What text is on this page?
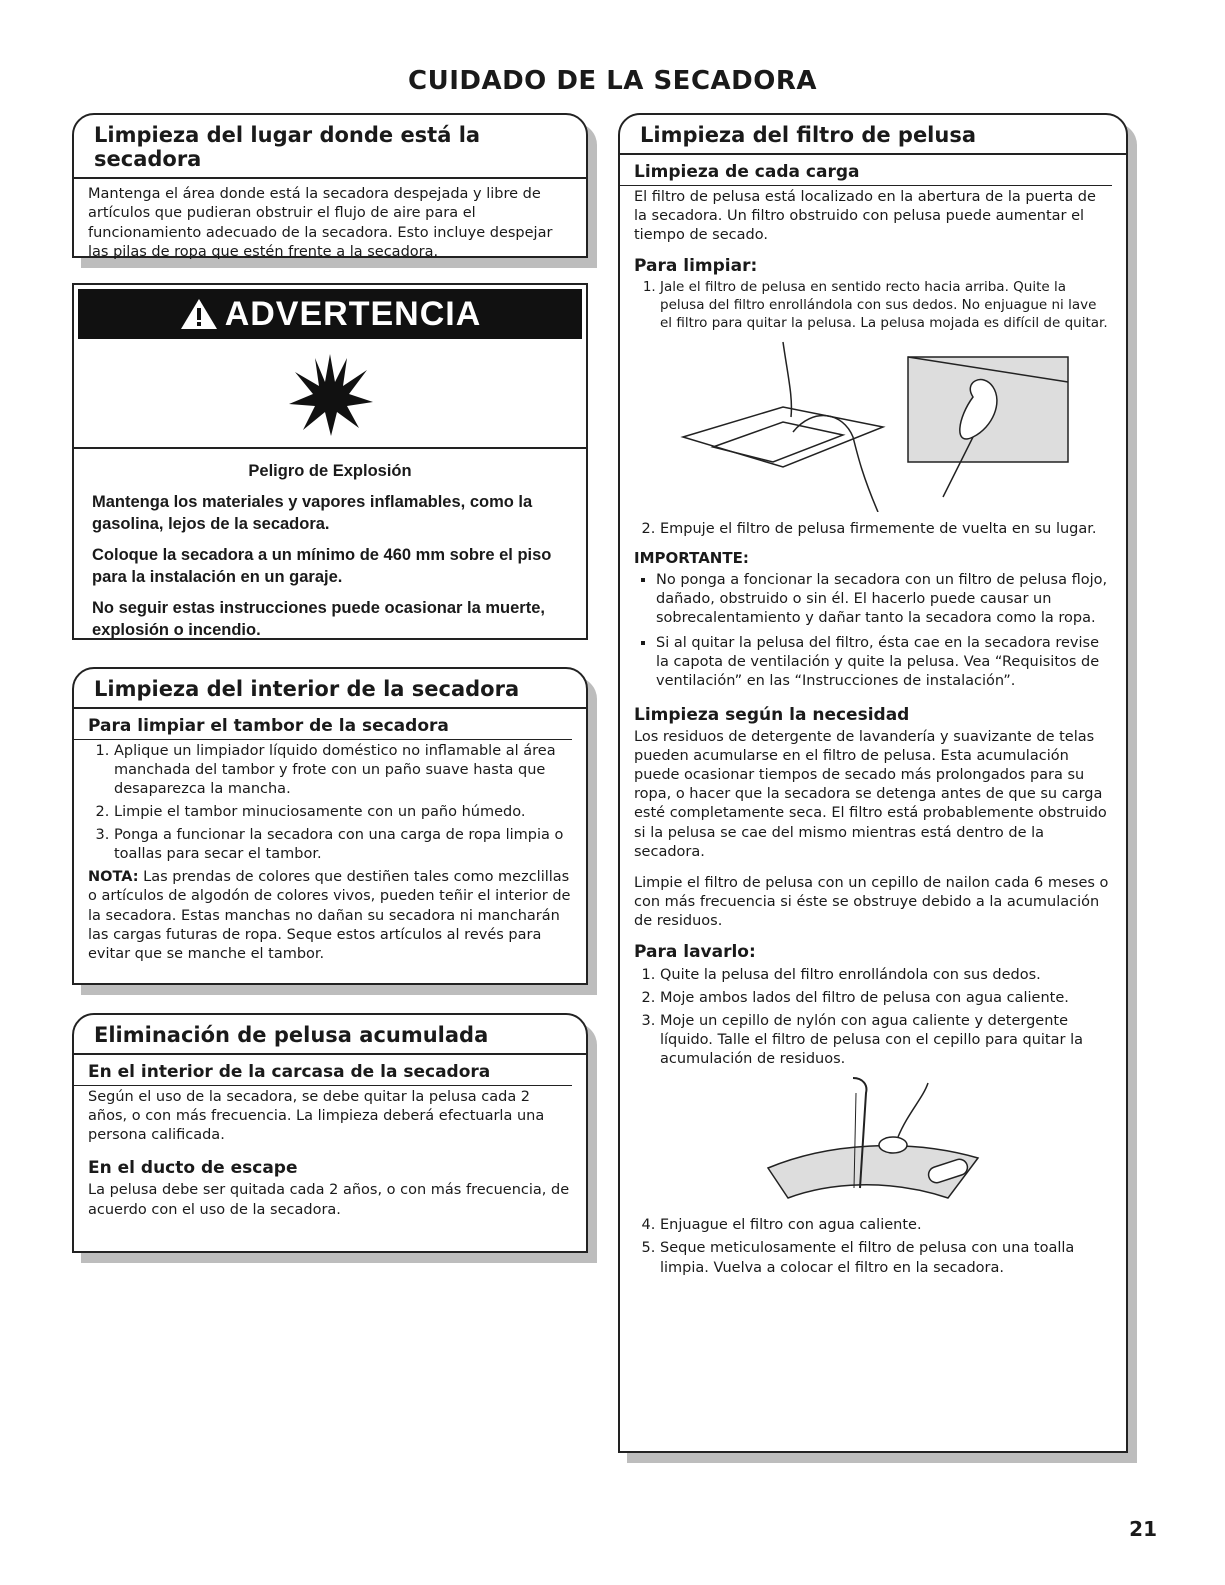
CUIDADO DE LA SECADORA
Limpieza del lugar donde está la secadora

Mantenga el área donde está la secadora despejada y libre de artículos que pudieran obstruir el flujo de aire para el funcionamiento adecuado de la secadora. Esto incluye despejar las pilas de ropa que estén frente a la secadora.

ADVERTENCIA
Peligro de Explosión

Mantenga los materiales y vapores inflamables, como la gasolina, lejos de la secadora.

Coloque la secadora a un mínimo de 460 mm sobre el piso para la instalación en un garaje.

No seguir estas instrucciones puede ocasionar la muerte, explosión o incendio.

Limpieza del interior de la secadora
Para limpiar el tambor de la secadora
1. Aplique un limpiador líquido doméstico no inflamable al área manchada del tambor y frote con un paño suave hasta que desaparezca la mancha.
2. Limpie el tambor minuciosamente con un paño húmedo.
3. Ponga a funcionar la secadora con una carga de ropa limpia o toallas para secar el tambor.

NOTA: Las prendas de colores que destiñen tales como mezclillas o artículos de algodón de colores vivos, pueden teñir el interior de la secadora. Estas manchas no dañan su secadora ni mancharán las cargas futuras de ropa. Seque estos artículos al revés para evitar que se manche el tambor.

Eliminación de pelusa acumulada
En el interior de la carcasa de la secadora

Según el uso de la secadora, se debe quitar la pelusa cada 2 años, o con más frecuencia. La limpieza deberá efectuarla una persona calificada.

En el ducto de escape

La pelusa debe ser quitada cada 2 años, o con más frecuencia, de acuerdo con el uso de la secadora.

Limpieza del filtro de pelusa
Limpieza de cada carga

El filtro de pelusa está localizado en la abertura de la puerta de la secadora. Un filtro obstruido con pelusa puede aumentar el tiempo de secado.

Para limpiar:
1. Jale el filtro de pelusa en sentido recto hacia arriba. Quite la pelusa del filtro enrollándola con sus dedos. No enjuague ni lave el filtro para quitar la pelusa. La pelusa mojada es difícil de quitar.
2. Empuje el filtro de pelusa firmemente de vuelta en su lugar.
IMPORTANTE:
▪ No ponga a foncionar la secadora con un filtro de pelusa flojo, dañado, obstruido o sin él. El hacerlo puede causar un sobrecalentamiento y dañar tanto la secadora como la ropa.
▪ Si al quitar la pelusa del filtro, ésta cae en la secadora revise la capota de ventilación y quite la pelusa. Vea “Requisitos de ventilación” en las “Instrucciones de instalación”.
Limpieza según la necesidad

Los residuos de detergente de lavandería y suavizante de telas pueden acumularse en el filtro de pelusa. Esta acumulación puede ocasionar tiempos de secado más prolongados para su ropa, o hacer que la secadora se detenga antes de que su carga esté completamente seca. El filtro está probablemente obstruido si la pelusa se cae del mismo mientras está dentro de la secadora.

Limpie el filtro de pelusa con un cepillo de nailon cada 6 meses o con más frecuencia si éste se obstruye debido a la acumulación de residuos.

Para lavarlo:
1. Quite la pelusa del filtro enrollándola con sus dedos.
2. Moje ambos lados del filtro de pelusa con agua caliente.
3. Moje un cepillo de nylón con agua caliente y detergente líquido. Talle el filtro de pelusa con el cepillo para quitar la acumulación de residuos.
4. Enjuague el filtro con agua caliente.
5. Seque meticulosamente el filtro de pelusa con una toalla limpia. Vuelva a colocar el filtro en la secadora.
21
